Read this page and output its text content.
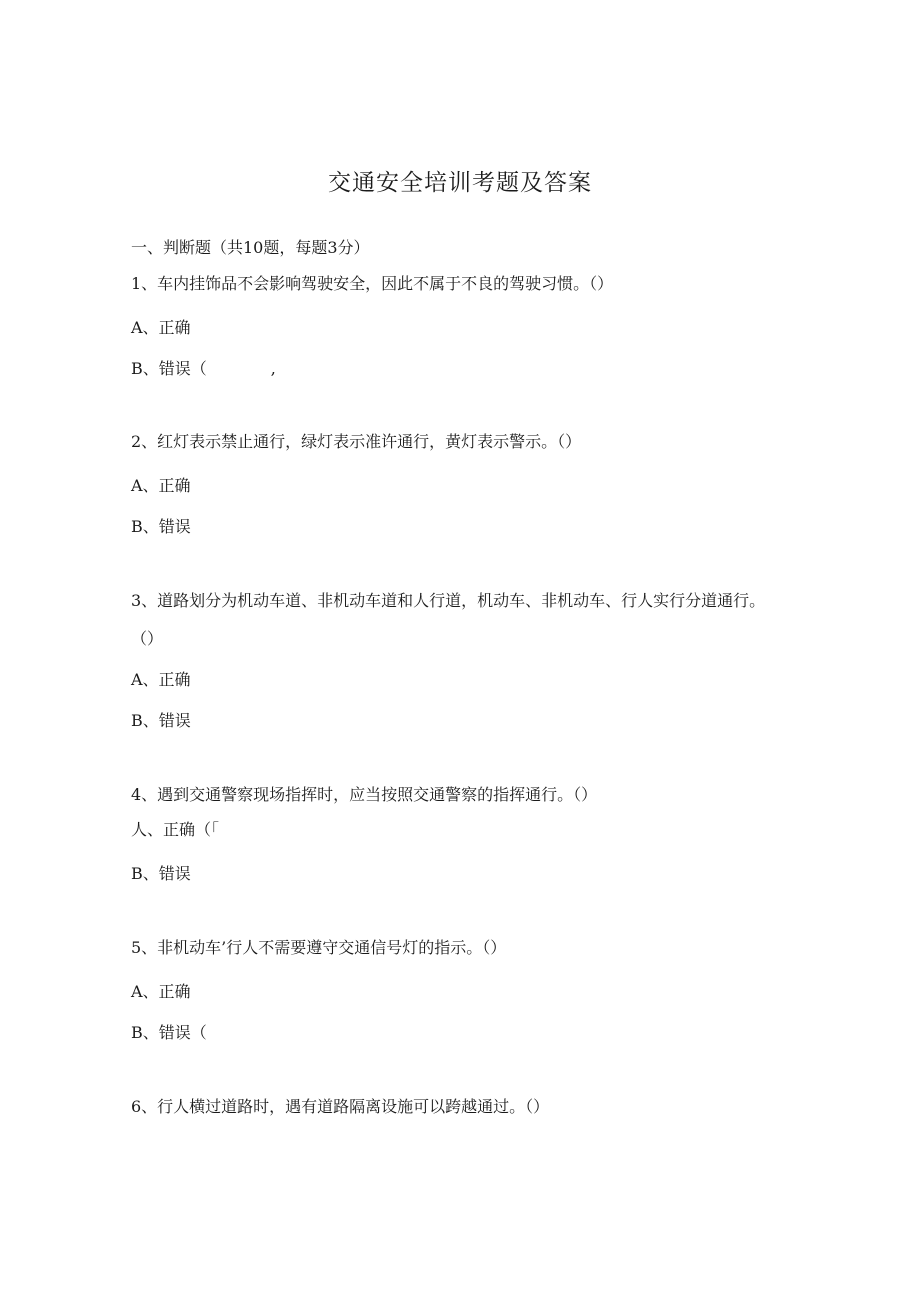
交通安全培训考题及答案
一、判断题（共10题，每题3分）
1、车内挂饰品不会影响驾驶安全，因此不属于不良的驾驶习惯。（）
A、正确
B、错误（　　　　,
2、红灯表示禁止通行，绿灯表示准许通行，黄灯表示警示。（）
A、正确
B、错误
3、道路划分为机动车道、非机动车道和人行道，机动车、非机动车、行人实行分道通行。（）
A、正确
B、错误
4、遇到交通警察现场指挥时，应当按照交通警察的指挥通行。（）
人、正确（「
B、错误
5、非机动车’行人不需要遵守交通信号灯的指示。（）
A、正确
B、错误（
6、行人横过道路时，遇有道路隔离设施可以跨越通过。（）
